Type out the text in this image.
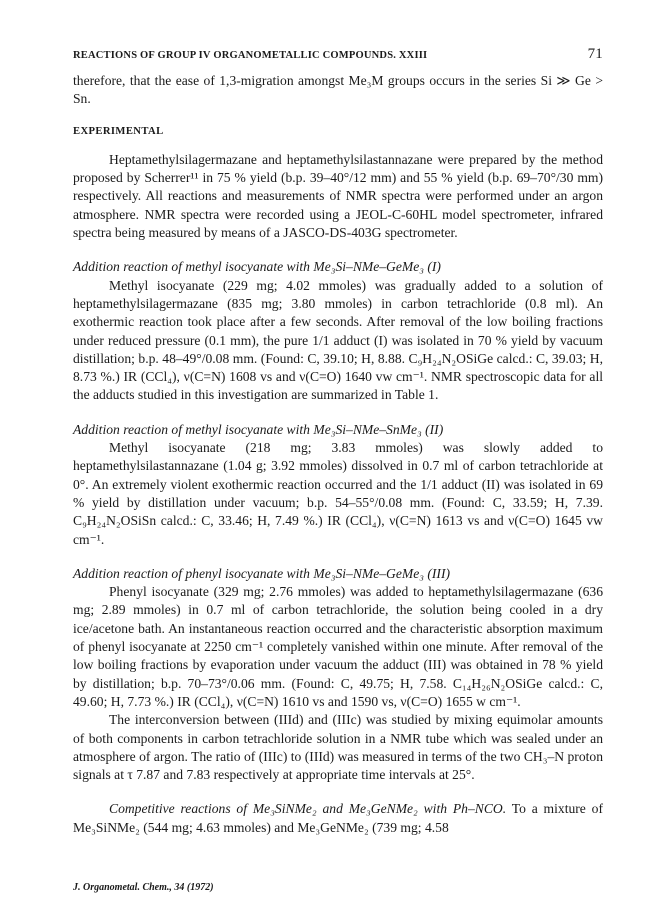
REACTIONS OF GROUP IV ORGANOMETALLIC COMPOUNDS. XXIII	71

therefore, that the ease of 1,3-migration amongst Me₃M groups occurs in the series Si ≫ Ge > Sn.

EXPERIMENTAL

Heptamethylsilagermazane and heptamethylsilastannazane were prepared by the method proposed by Scherrer¹¹ in 75 % yield (b.p. 39–40°/12 mm) and 55 % yield (b.p. 69–70°/30 mm) respectively. All reactions and measurements of NMR spectra were performed under an argon atmosphere. NMR spectra were recorded using a JEOL-C-60HL model spectrometer, infrared spectra being measured by means of a JASCO-DS-403G spectrometer.

Addition reaction of methyl isocyanate with Me₃Si–NMe–GeMe₃ (I)

Methyl isocyanate (229 mg; 4.02 mmoles) was gradually added to a solution of heptamethylsilagermazane (835 mg; 3.80 mmoles) in carbon tetrachloride (0.8 ml). An exothermic reaction took place after a few seconds. After removal of the low boiling fractions under reduced pressure (0.1 mm), the pure 1/1 adduct (I) was isolated in 70 % yield by vacuum distillation; b.p. 48–49°/0.08 mm. (Found: C, 39.10; H, 8.88. C₉H₂₄N₂OSiGe calcd.: C, 39.03; H, 8.73 %.) IR (CCl₄), ν(C=N) 1608 vs and ν(C=O) 1640 vw cm⁻¹. NMR spectroscopic data for all the adducts studied in this investigation are summarized in Table 1.

Addition reaction of methyl isocyanate with Me₃Si–NMe–SnMe₃ (II)

Methyl isocyanate (218 mg; 3.83 mmoles) was slowly added to heptamethylsilastannazane (1.04 g; 3.92 mmoles) dissolved in 0.7 ml of carbon tetrachloride at 0°. An extremely violent exothermic reaction occurred and the 1/1 adduct (II) was isolated in 69 % yield by distillation under vacuum; b.p. 54–55°/0.08 mm. (Found: C, 33.59; H, 7.39. C₉H₂₄N₂OSiSn calcd.: C, 33.46; H, 7.49 %.) IR (CCl₄), ν(C=N) 1613 vs and ν(C=O) 1645 vw cm⁻¹.

Addition reaction of phenyl isocyanate with Me₃Si–NMe–GeMe₃ (III)

Phenyl isocyanate (329 mg; 2.76 mmoles) was added to heptamethylsilagermazane (636 mg; 2.89 mmoles) in 0.7 ml of carbon tetrachloride, the solution being cooled in a dry ice/acetone bath. An instantaneous reaction occurred and the characteristic absorption maximum of phenyl isocyanate at 2250 cm⁻¹ completely vanished within one minute. After removal of the low boiling fractions by evaporation under vacuum the adduct (III) was obtained in 78 % yield by distillation; b.p. 70–73°/0.06 mm. (Found: C, 49.75; H, 7.58. C₁₄H₂₆N₂OSiGe calcd.: C, 49.60; H, 7.73 %.) IR (CCl₄), ν(C=N) 1610 vs and 1590 vs, ν(C=O) 1655 w cm⁻¹.

The interconversion between (IIId) and (IIIc) was studied by mixing equimolar amounts of both components in carbon tetrachloride solution in a NMR tube which was sealed under an atmosphere of argon. The ratio of (IIIc) to (IIId) was measured in terms of the two CH₃–N proton signals at τ 7.87 and 7.83 respectively at appropriate time intervals at 25°.

Competitive reactions of Me₃SiNMe₂ and Me₃GeNMe₂ with Ph–NCO. To a mixture of Me₃SiNMe₂ (544 mg; 4.63 mmoles) and Me₃GeNMe₂ (739 mg; 4.58

J. Organometal. Chem., 34 (1972)
